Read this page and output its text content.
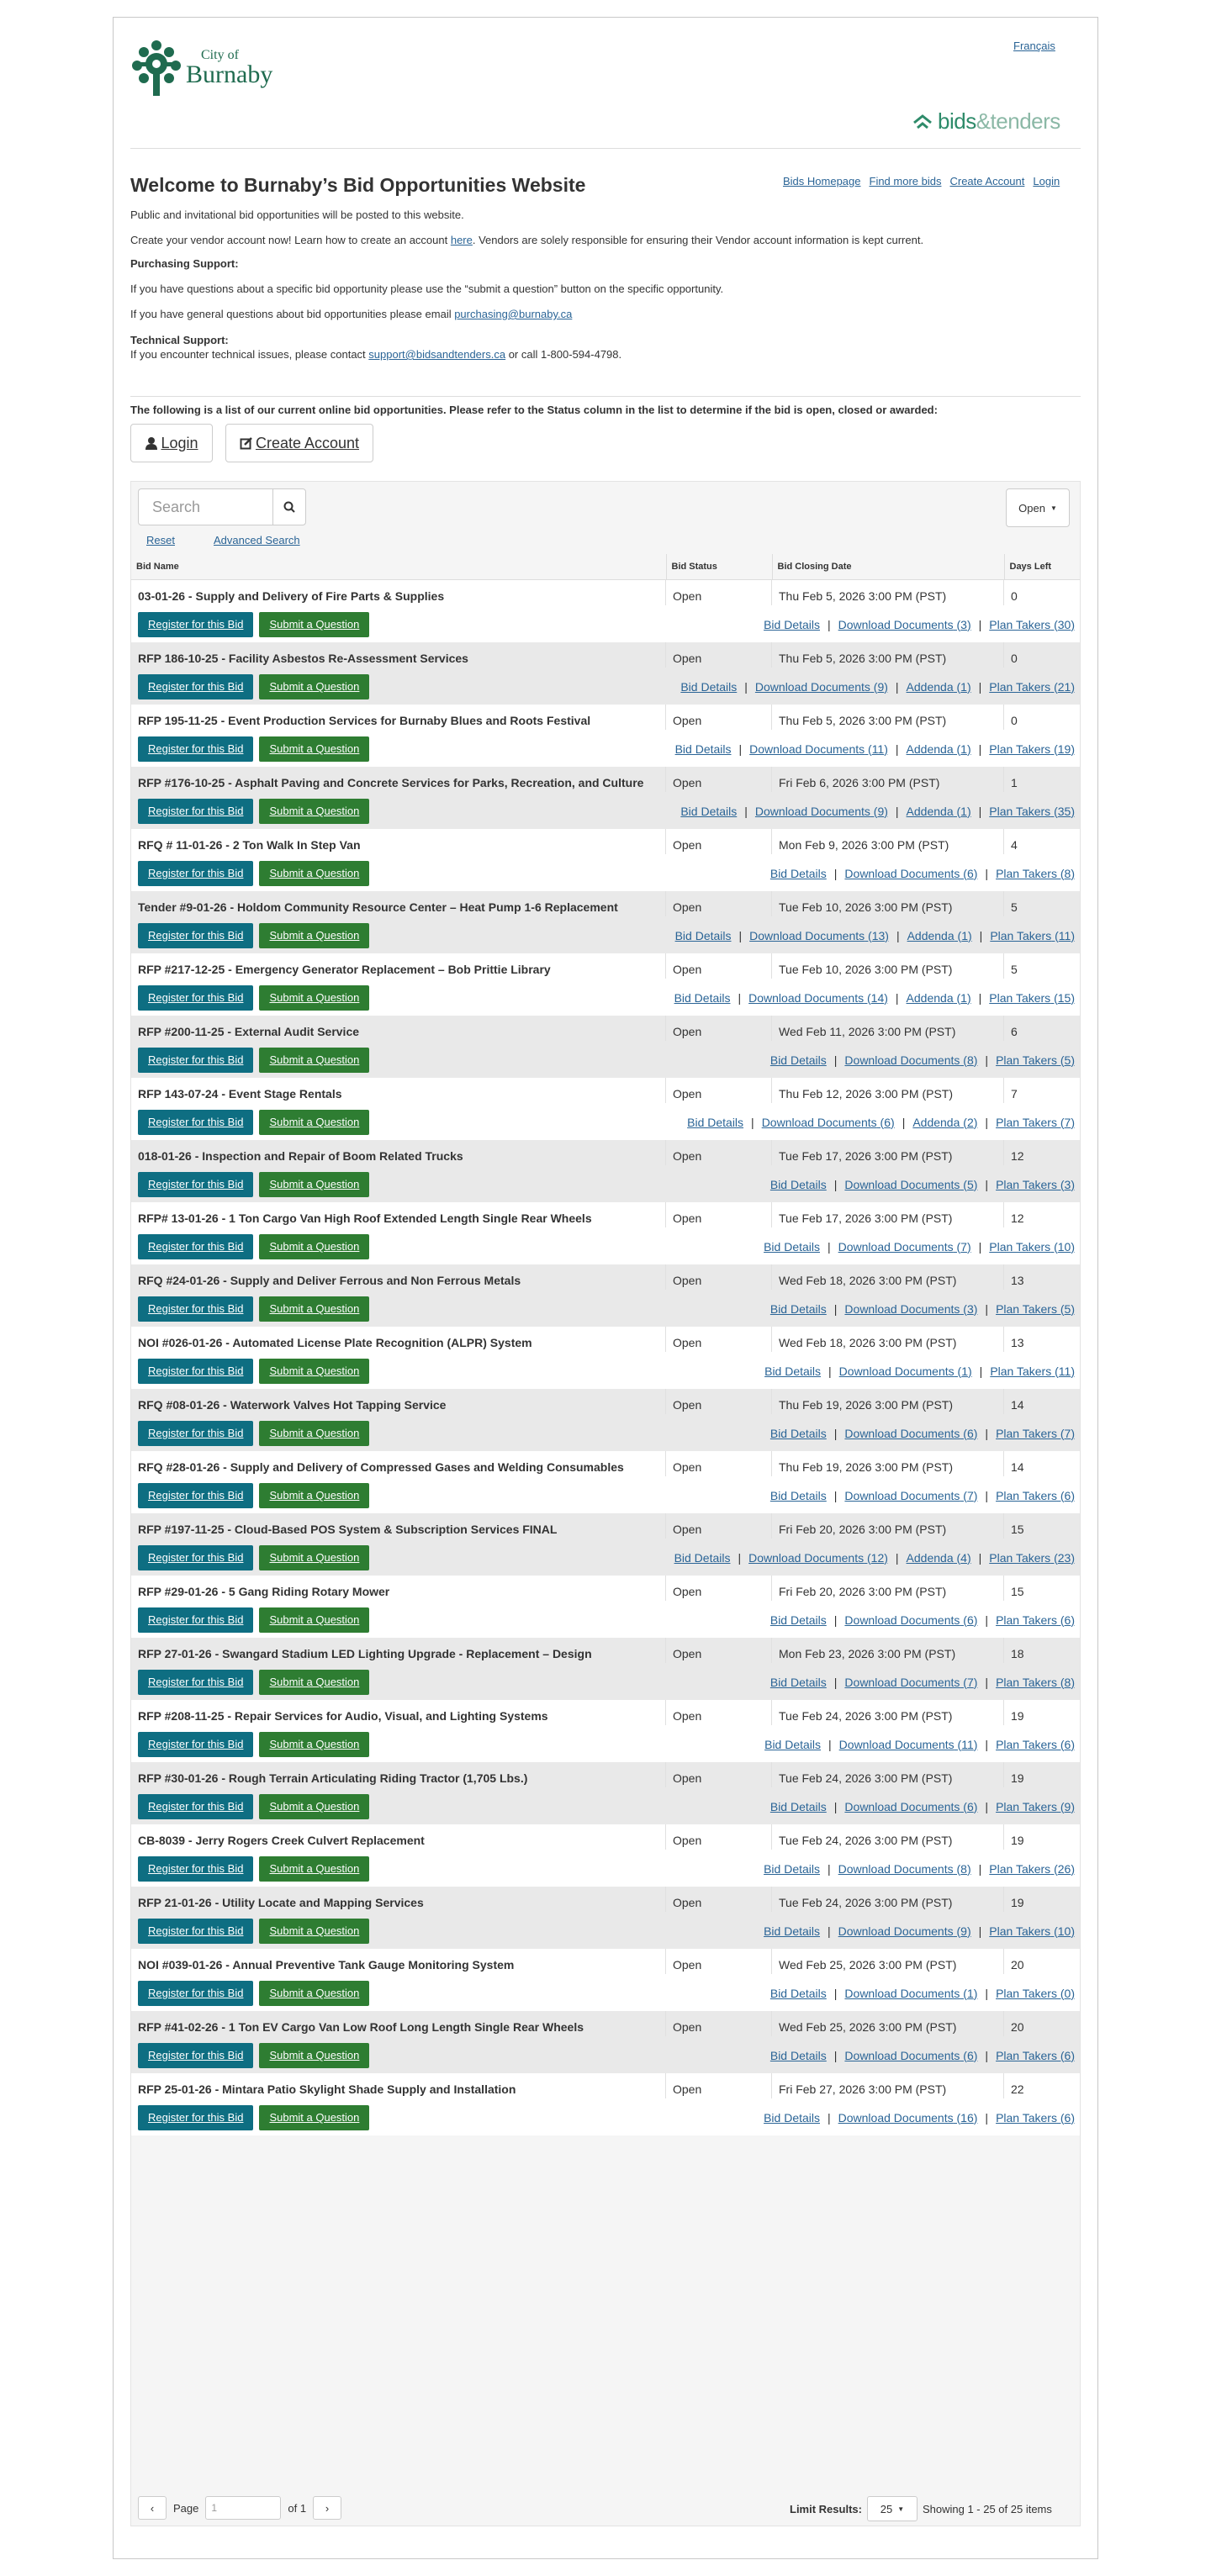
City of
Burnaby
Français
bids&tenders
Bids Homepage Find more bids Create Account Login
Welcome to Burnaby’s Bid Opportunities Website

Public and invitational bid opportunities will be posted to this website.

Create your vendor account now! Learn how to create an account here. Vendors are solely responsible for ensuring their Vendor account information is kept current.

Purchasing Support:

If you have questions about a specific bid opportunity please use the “submit a question” button on the specific opportunity.

If you have general questions about bid opportunities please email purchasing@burnaby.ca

Technical Support:

If you encounter technical issues, please contact support@bidsandtenders.ca or call 1-800-594-4798.

The following is a list of our current online bid opportunities. Please refer to the Status column in the list to determine if the bid is open, closed or awarded:

Login	Create Account
Search
Reset	Advanced Search
Open ▼
Bid Name	Bid Status	Bid Closing Date	Days Left

03-01-26 - Supply and Delivery of Fire Parts & Supplies	Open	Thu Feb 5, 2026 3:00 PM (PST)	0
Register for this Bid	Submit a Question	Bid Details | Download Documents (3) | Plan Takers (30)

RFP 186-10-25 - Facility Asbestos Re-Assessment Services	Open	Thu Feb 5, 2026 3:00 PM (PST)	0
Register for this Bid	Submit a Question	Bid Details | Download Documents (9) | Addenda (1) | Plan Takers (21)

RFP 195-11-25 - Event Production Services for Burnaby Blues and Roots Festival	Open	Thu Feb 5, 2026 3:00 PM (PST)	0
Register for this Bid	Submit a Question	Bid Details | Download Documents (11) | Addenda (1) | Plan Takers (19)

RFP #176-10-25 - Asphalt Paving and Concrete Services for Parks, Recreation, and Culture	Open	Fri Feb 6, 2026 3:00 PM (PST)	1
Register for this Bid	Submit a Question	Bid Details | Download Documents (9) | Addenda (1) | Plan Takers (35)

RFQ # 11-01-26 - 2 Ton Walk In Step Van	Open	Mon Feb 9, 2026 3:00 PM (PST)	4
Register for this Bid	Submit a Question	Bid Details | Download Documents (6) | Plan Takers (8)

Tender #9-01-26 - Holdom Community Resource Center – Heat Pump 1-6 Replacement	Open	Tue Feb 10, 2026 3:00 PM (PST)	5
Register for this Bid	Submit a Question	Bid Details | Download Documents (13) | Addenda (1) | Plan Takers (11)

RFP #217-12-25 - Emergency Generator Replacement – Bob Prittie Library	Open	Tue Feb 10, 2026 3:00 PM (PST)	5
Register for this Bid	Submit a Question	Bid Details | Download Documents (14) | Addenda (1) | Plan Takers (15)

RFP #200-11-25 - External Audit Service	Open	Wed Feb 11, 2026 3:00 PM (PST)	6
Register for this Bid	Submit a Question	Bid Details | Download Documents (8) | Plan Takers (5)

RFP 143-07-24 - Event Stage Rentals	Open	Thu Feb 12, 2026 3:00 PM (PST)	7
Register for this Bid	Submit a Question	Bid Details | Download Documents (6) | Addenda (2) | Plan Takers (7)

018-01-26 - Inspection and Repair of Boom Related Trucks	Open	Tue Feb 17, 2026 3:00 PM (PST)	12
Register for this Bid	Submit a Question	Bid Details | Download Documents (5) | Plan Takers (3)

RFP# 13-01-26 - 1 Ton Cargo Van High Roof Extended Length Single Rear Wheels	Open	Tue Feb 17, 2026 3:00 PM (PST)	12
Register for this Bid	Submit a Question	Bid Details | Download Documents (7) | Plan Takers (10)

RFQ #24-01-26 - Supply and Deliver Ferrous and Non Ferrous Metals	Open	Wed Feb 18, 2026 3:00 PM (PST)	13
Register for this Bid	Submit a Question	Bid Details | Download Documents (3) | Plan Takers (5)

NOI #026-01-26 - Automated License Plate Recognition (ALPR) System	Open	Wed Feb 18, 2026 3:00 PM (PST)	13
Register for this Bid	Submit a Question	Bid Details | Download Documents (1) | Plan Takers (11)

RFQ #08-01-26 - Waterwork Valves Hot Tapping Service	Open	Thu Feb 19, 2026 3:00 PM (PST)	14
Register for this Bid	Submit a Question	Bid Details | Download Documents (6) | Plan Takers (7)

RFQ #28-01-26 - Supply and Delivery of Compressed Gases and Welding Consumables	Open	Thu Feb 19, 2026 3:00 PM (PST)	14
Register for this Bid	Submit a Question	Bid Details | Download Documents (7) | Plan Takers (6)

RFP #197-11-25 - Cloud-Based POS System & Subscription Services FINAL	Open	Fri Feb 20, 2026 3:00 PM (PST)	15
Register for this Bid	Submit a Question	Bid Details | Download Documents (12) | Addenda (4) | Plan Takers (23)

RFP #29-01-26 - 5 Gang Riding Rotary Mower	Open	Fri Feb 20, 2026 3:00 PM (PST)	15
Register for this Bid	Submit a Question	Bid Details | Download Documents (6) | Plan Takers (6)

RFP 27-01-26 - Swangard Stadium LED Lighting Upgrade - Replacement – Design	Open	Mon Feb 23, 2026 3:00 PM (PST)	18
Register for this Bid	Submit a Question	Bid Details | Download Documents (7) | Plan Takers (8)

RFP #208-11-25 - Repair Services for Audio, Visual, and Lighting Systems	Open	Tue Feb 24, 2026 3:00 PM (PST)	19
Register for this Bid	Submit a Question	Bid Details | Download Documents (11) | Plan Takers (6)

RFP #30-01-26 - Rough Terrain Articulating Riding Tractor (1,705 Lbs.)	Open	Tue Feb 24, 2026 3:00 PM (PST)	19
Register for this Bid	Submit a Question	Bid Details | Download Documents (6) | Plan Takers (9)

CB-8039 - Jerry Rogers Creek Culvert Replacement	Open	Tue Feb 24, 2026 3:00 PM (PST)	19
Register for this Bid	Submit a Question	Bid Details | Download Documents (8) | Plan Takers (26)

RFP 21-01-26 - Utility Locate and Mapping Services	Open	Tue Feb 24, 2026 3:00 PM (PST)	19
Register for this Bid	Submit a Question	Bid Details | Download Documents (9) | Plan Takers (10)

NOI #039-01-26 - Annual Preventive Tank Gauge Monitoring System	Open	Wed Feb 25, 2026 3:00 PM (PST)	20
Register for this Bid	Submit a Question	Bid Details | Download Documents (1) | Plan Takers (0)

RFP #41-02-26 - 1 Ton EV Cargo Van Low Roof Long Length Single Rear Wheels	Open	Wed Feb 25, 2026 3:00 PM (PST)	20
Register for this Bid	Submit a Question	Bid Details | Download Documents (6) | Plan Takers (6)

RFP 25-01-26 - Mintara Patio Skylight Shade Supply and Installation	Open	Fri Feb 27, 2026 3:00 PM (PST)	22
Register for this Bid	Submit a Question	Bid Details | Download Documents (16) | Plan Takers (6)
‹ Page
1	of 1 ›	Limit Results: 25 ▼ Showing 1 - 25 of 25 items
